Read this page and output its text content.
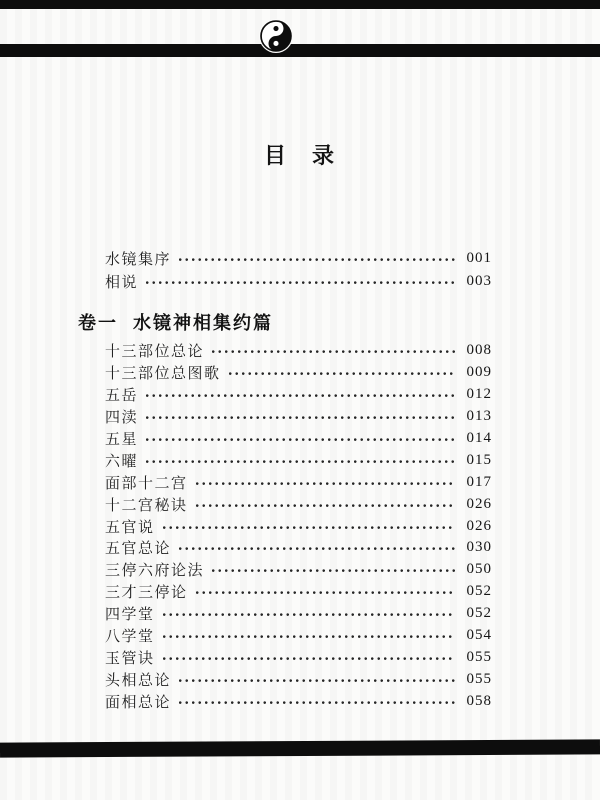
目　录
水镜集序	001
相说	003
卷一 水镜神相集约篇
十三部位总论	008
十三部位总图歌	009
五岳	012
四渎	013
五星	014
六曜	015
面部十二宫	017
十二宫秘诀	026
五官说	026
五官总论	030
三停六府论法	050
三才三停论	052
四学堂	052
八学堂	054
玉管诀	055
头相总论	055
面相总论	058
